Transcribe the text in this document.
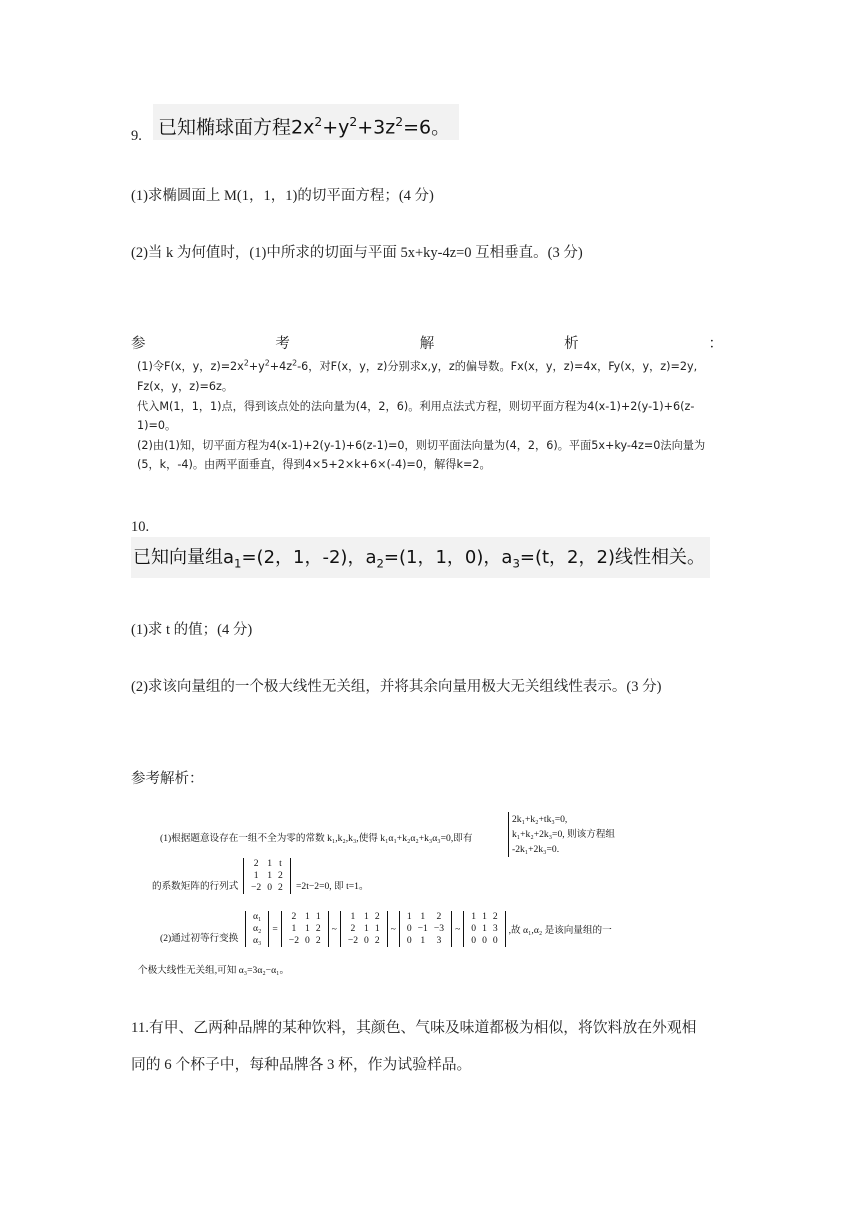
9. 已知椭球面方程$2x^2+y^2+3z^2=6$。
(1)求椭圆面上 M(1，1，1)的切平面方程；(4 分)
(2)当 k 为何值时，(1)中所求的切面与平面 5x+ky-4z=0 互相垂直。(3 分)
参	考	解	析	：
(1)令F(x，y，$z)=2x^2+y^2+4z^2-6$，对F(x，y，z)分别求x,y，z的偏导数。Fx(x，y，z)=4x，Fy(x，y，z)=2y,
Fz(x，y，z)=6z。
代入M(1，1，1)点，得到该点处的法向量为(4，2，6)。利用点法式方程，则切平面方程为4(x-1)+2(y-1)+6(z-
1)=0。
(2)由(1)知，切平面方程为4(x-1)+2(y-1)+6(z-1)=0，则切平面法向量为(4，2，6)。平面5x+ky-4z=0法向量为
(5，k，-4)。由两平面垂直，得到4×5+2×k+6×(-4)=0，解得k=2。
10.
已知向量组$a_1=(2$，1，-2)，$a_2=(1$，1，0)，$a_3=(t$，2，2)线性相关。
(1)求 t 的值；(4 分)
(2)求该向量组的一个极大线性无关组，并将其余向量用极大无关组线性表示。(3 分)
参考解析：
(1)根据题意设存在一组不全为零的常数 k₁,k₂,k₃,使得 k₁α₁+k₂α₂+k₃α₃=0,即有
2k₁+k₂+tk₃=0,
k₁+k₂+2k₃=0, 则该方程组
-2k₁+2k₃=0.
的系数矩阵的行列式
2	1	t
1	1	2
−2	0	2 =2t−2=0, 即 t=1。
(2)通过初等行变换
α₁
α₂
α₃
=
2	1	1
1	1	2
−2	0	2
~
1	1	2
2	1	1
−2	0	2
~
1	1	2
0	−1	−3
0	1	3
~
1	1	2
0	1	3
0	0	0
,故 α₁,α₂ 是该向量组的一
个极大线性无关组,可知 α₃=3α₂−α₁。
11.有甲、乙两种品牌的某种饮料，其颜色、气味及味道都极为相似，将饮料放在外观相
同的 6 个杯子中，每种品牌各 3 杯，作为试验样品。
